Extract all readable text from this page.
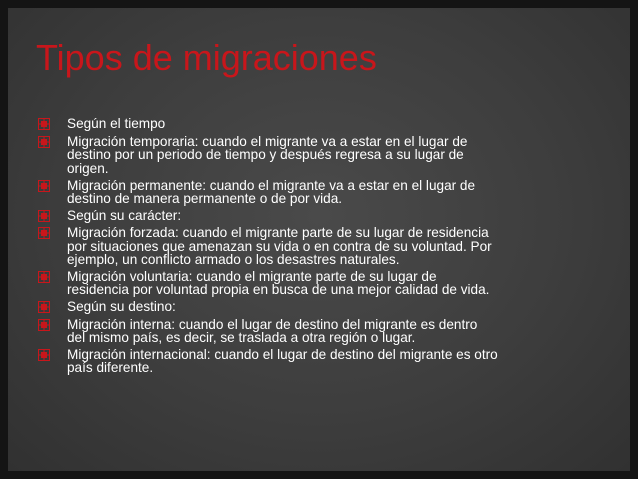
Tipos de migraciones
Según el tiempo
Migración temporaria: cuando el migrante va a estar en el lugar de
destino por un periodo de tiempo y después regresa a su lugar de
origen.
Migración permanente: cuando el migrante va a estar en el lugar de
destino de manera permanente o de por vida.
Según su carácter:
Migración forzada: cuando el migrante parte de su lugar de residencia
por situaciones que amenazan su vida o en contra de su voluntad. Por
ejemplo, un conflicto armado o los desastres naturales.
Migración voluntaria: cuando el migrante parte de su lugar de
residencia por voluntad propia en busca de una mejor calidad de vida.
Según su destino:
Migración interna: cuando el lugar de destino del migrante es dentro
del mismo país, es decir, se traslada a otra región o lugar.
Migración internacional: cuando el lugar de destino del migrante es otro
país diferente.
